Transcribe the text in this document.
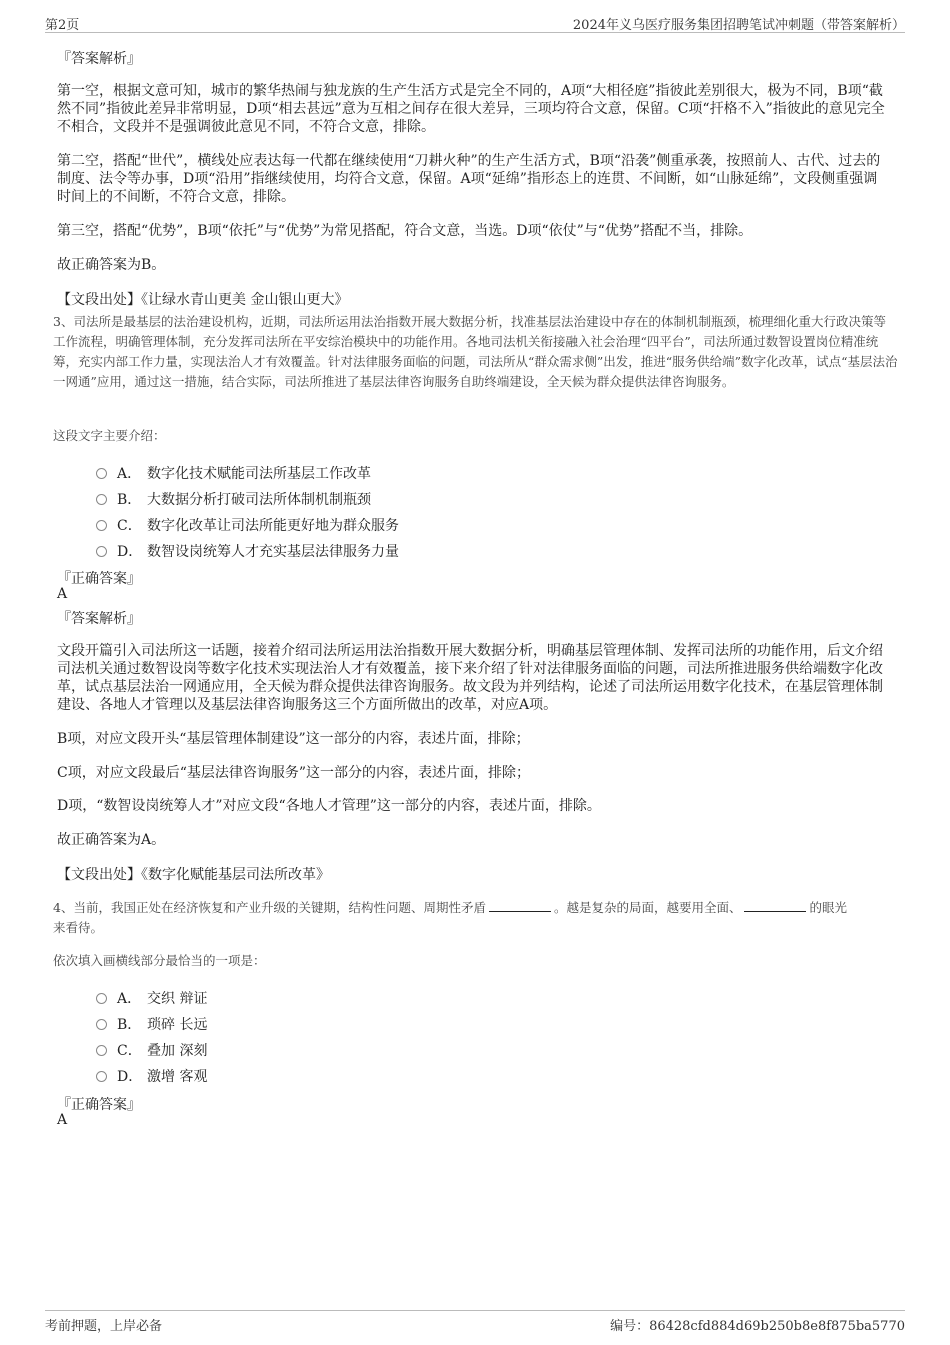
第2页	2024年义乌医疗服务集团招聘笔试冲刺题（带答案解析）
『答案解析』
第一空，根据文意可知，城市的繁华热闹与独龙族的生产生活方式是完全不同的，A项“大相径庭”指彼此差别很大，极为不同，B项“截然不同”指彼此差异非常明显，D项“相去甚远”意为互相之间存在很大差异，三项均符合文意，保留。C项“扞格不入”指彼此的意见完全不相合，文段并不是强调彼此意见不同，不符合文意，排除。
第二空，搭配“世代”，横线处应表达每一代都在继续使用“刀耕火种”的生产生活方式，B项“沿袭”侧重承袭，按照前人、古代、过去的制度、法令等办事，D项“沿用”指继续使用，均符合文意，保留。A项“延绵”指形态上的连贯、不间断，如“山脉延绵”，文段侧重强调时间上的不间断，不符合文意，排除。
第三空，搭配“优势”，B项“依托”与“优势”为常见搭配，符合文意，当选。D项“依仗”与“优势”搭配不当，排除。
故正确答案为B。
【文段出处】《让绿水青山更美 金山银山更大》
3、司法所是最基层的法治建设机构，近期，司法所运用法治指数开展大数据分析，找准基层法治建设中存在的体制机制瓶颈，梳理细化重大行政决策等工作流程，明确管理体制，充分发挥司法所在平安综治模块中的功能作用。各地司法机关衔接融入社会治理“四平台”，司法所通过数智设置岗位精准统筹，充实内部工作力量，实现法治人才有效覆盖。针对法律服务面临的问题，司法所从“群众需求侧”出发，推进“服务供给端”数字化改革，试点“基层法治一网通”应用，通过这一措施，结合实际，司法所推进了基层法律咨询服务自助终端建设，全天候为群众提供法律咨询服务。
这段文字主要介绍：
A． 数字化技术赋能司法所基层工作改革
B． 大数据分析打破司法所体制机制瓶颈
C． 数字化改革让司法所能更好地为群众服务
D． 数智设岗统筹人才充实基层法律服务力量
『正确答案』
A
『答案解析』
文段开篇引入司法所这一话题，接着介绍司法所运用法治指数开展大数据分析，明确基层管理体制、发挥司法所的功能作用，后文介绍司法机关通过数智设岗等数字化技术实现法治人才有效覆盖，接下来介绍了针对法律服务面临的问题，司法所推进服务供给端数字化改革，试点基层法治一网通应用，全天候为群众提供法律咨询服务。故文段为并列结构，论述了司法所运用数字化技术，在基层管理体制建设、各地人才管理以及基层法律咨询服务这三个方面所做出的改革，对应A项。
B项，对应文段开头“基层管理体制建设”这一部分的内容，表述片面，排除；
C项，对应文段最后“基层法律咨询服务”这一部分的内容，表述片面，排除；
D项，“数智设岗统筹人才”对应文段“各地人才管理”这一部分的内容，表述片面，排除。
故正确答案为A。
【文段出处】《数字化赋能基层司法所改革》
4、当前，我国正处在经济恢复和产业升级的关键期，结构性问题、周期性矛盾	。越是复杂的局面，越要用全面、	的眼光
来看待。
依次填入画横线部分最恰当的一项是：
A． 交织 辩证
B． 琐碎 长远
C． 叠加 深刻
D． 激增 客观
『正确答案』
A
考前押题，上岸必备	编号：86428cfd884d69b250b8e8f875ba5770
